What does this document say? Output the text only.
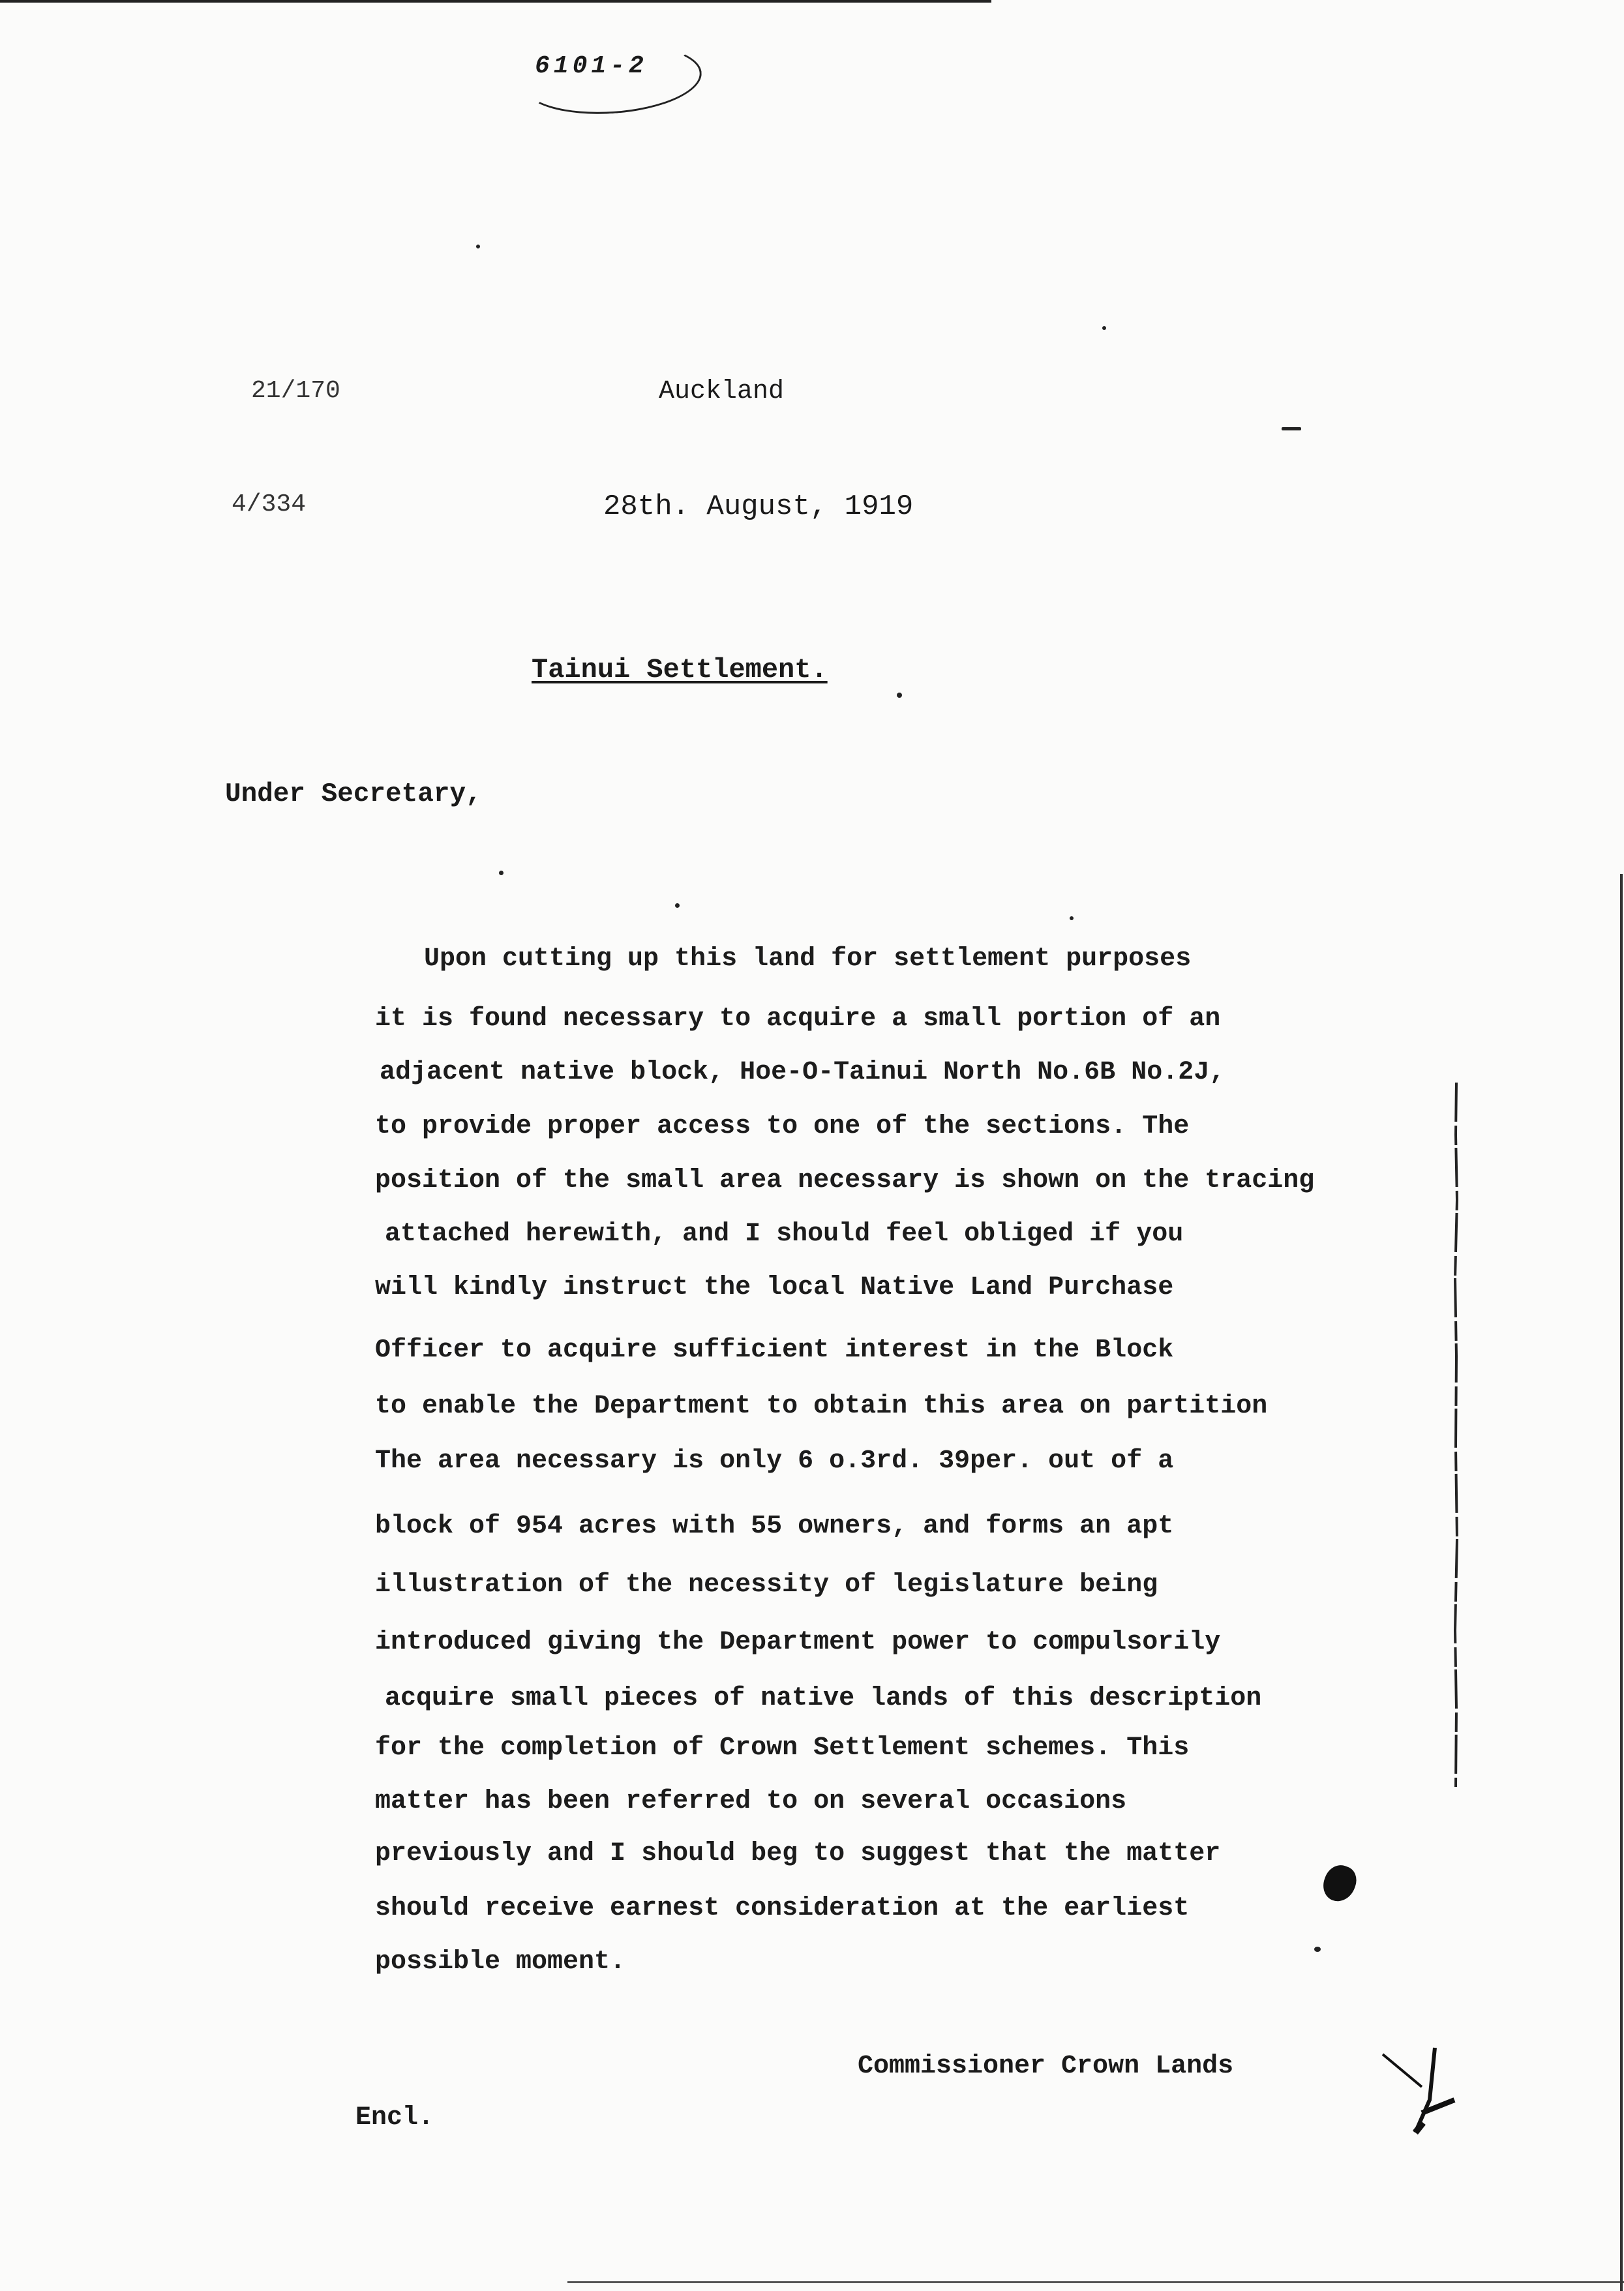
6101-2
21/170
4/334
Auckland
28th. August, 1919
Tainui Settlement.
Under Secretary,
Upon cutting up this land for settlement purposes
it is found necessary to acquire a small portion of an
adjacent native block, Hoe-O-Tainui North No.6B No.2J,
to provide proper access to one of the sections. The
position of the small area necessary is shown on the tracing
attached herewith, and I should feel obliged if you
will kindly instruct the local Native Land Purchase
Officer to acquire sufficient interest in the Block
to enable the Department to obtain this area on partition
The area necessary is only 6 o.3rd. 39per. out of a
block of 954 acres with 55 owners, and forms an apt
illustration of the necessity of legislature being
introduced giving the Department power to compulsorily
acquire small pieces of native lands of this description
for the completion of Crown Settlement schemes. This
matter has been referred to on several occasions
previously and I should beg to suggest that the matter
should receive earnest consideration at the earliest
possible moment.
Commissioner Crown Lands
Encl.
